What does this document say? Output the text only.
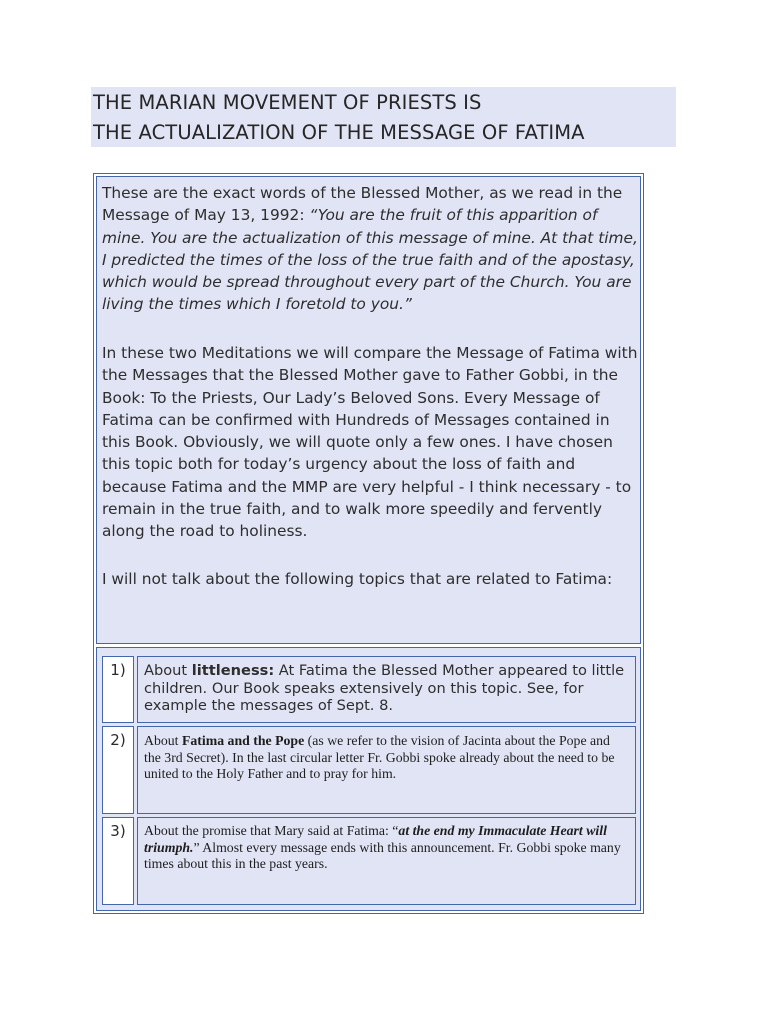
THE MARIAN MOVEMENT OF PRIESTS IS
THE ACTUALIZATION OF THE MESSAGE OF FATIMA

These are the exact words of the Blessed Mother, as we read in the Message of May 13, 1992: “You are the fruit of this apparition of mine. You are the actualization of this message of mine. At that time, I predicted the times of the loss of the true faith and of the apostasy, which would be spread throughout every part of the Church. You are living the times which I foretold to you.”

In these two Meditations we will compare the Message of Fatima with the Messages that the Blessed Mother gave to Father Gobbi, in the Book: To the Priests, Our Lady’s Beloved Sons. Every Message of Fatima can be confirmed with Hundreds of Messages contained in this Book. Obviously, we will quote only a few ones. I have chosen this topic both for today’s urgency about the loss of faith and because Fatima and the MMP are very helpful - I think necessary - to remain in the true faith, and to walk more speedily and fervently along the road to holiness.

I will not talk about the following topics that are related to Fatima:

1)	About littleness: At Fatima the Blessed Mother appeared to little children. Our Book speaks extensively on this topic. See, for example the messages of Sept. 8.

2)	About Fatima and the Pope (as we refer to the vision of Jacinta about the Pope and the 3rd Secret). In the last circular letter Fr. Gobbi spoke already about the need to be united to the Holy Father and to pray for him.

3)	About the promise that Mary said at Fatima: “at the end my Immaculate Heart will triumph.” Almost every message ends with this announcement. Fr. Gobbi spoke many times about this in the past years.
